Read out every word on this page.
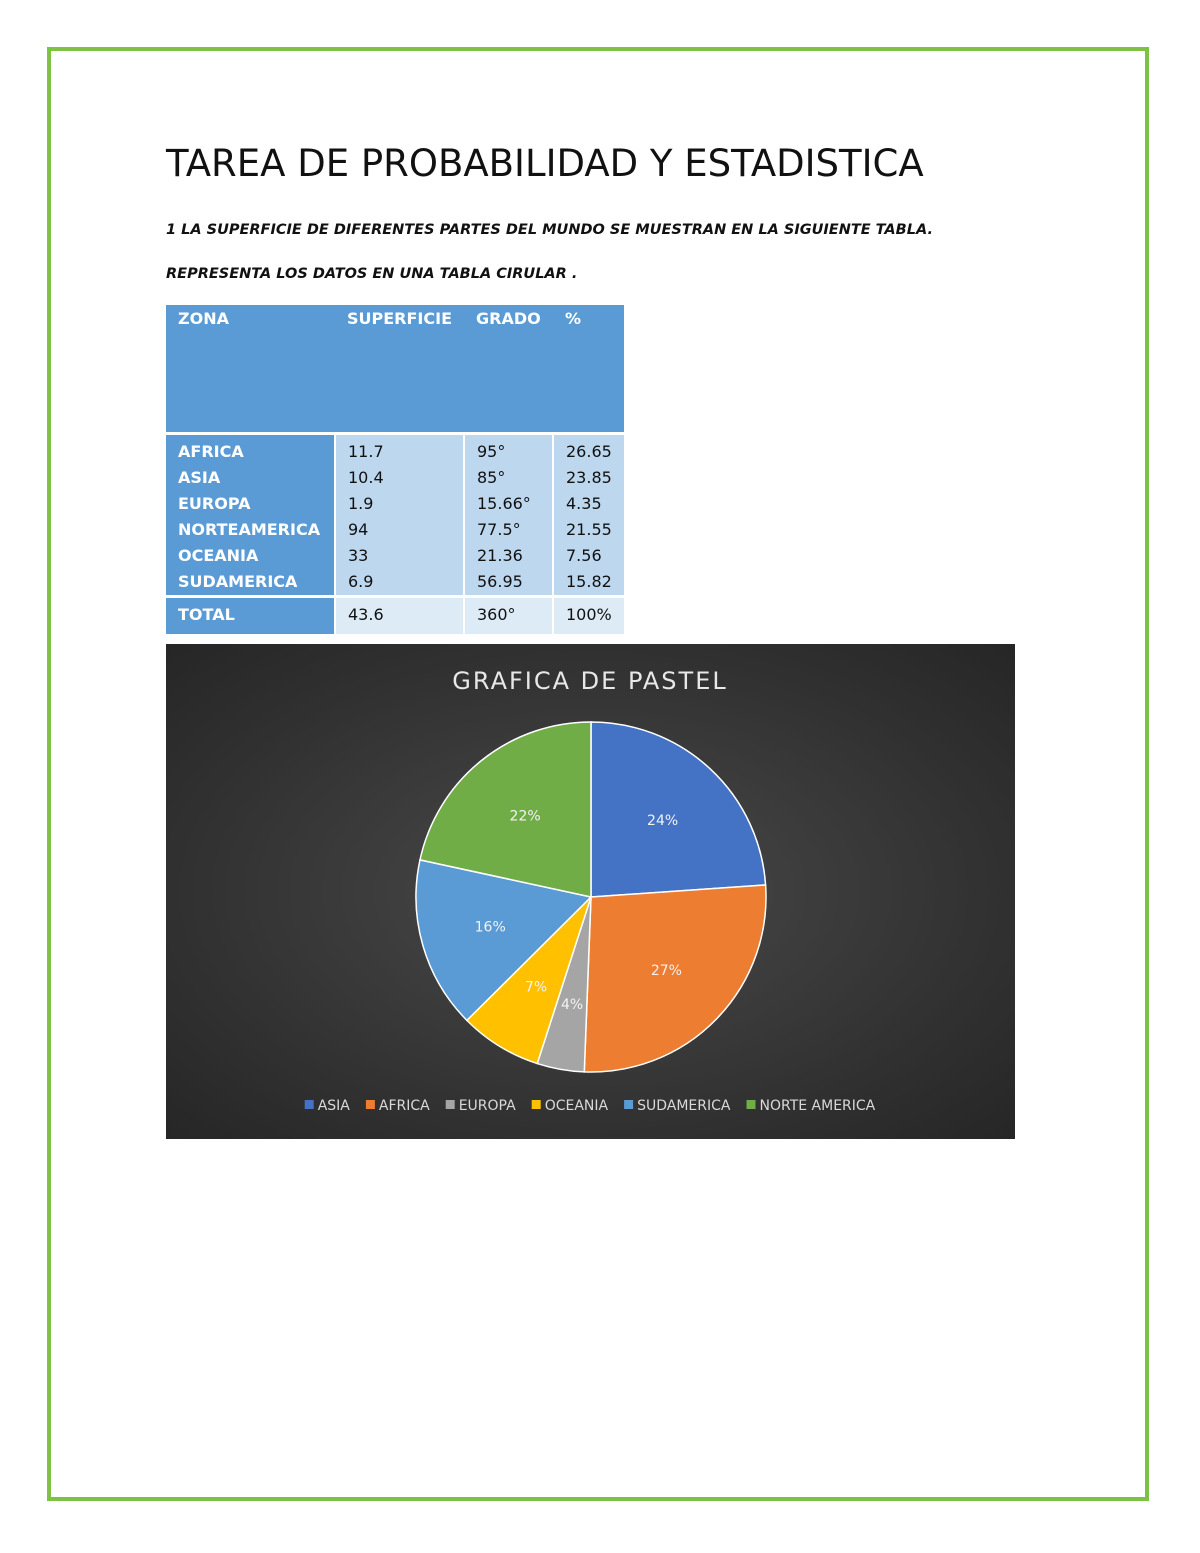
TAREA DE PROBABILIDAD Y ESTADISTICA

1 LA SUPERFICIE DE DIFERENTES PARTES DEL MUNDO SE MUESTRAN EN LA SIGUIENTE TABLA.

REPRESENTA LOS DATOS EN UNA TABLA CIRULAR .

ZONA	SUPERFICIE	GRADO	%
AFRICA	11.7	95°	26.65
ASIA	10.4	85°	23.85
EUROPA	1.9	15.66°	4.35
NORTEAMERICA	94	77.5°	21.55
OCEANIA	33	21.36	7.56
SUDAMERICA	6.9	56.95	15.82
TOTAL	43.6	360°	100%
GRAFICA DE PASTEL
24%
27%
4%
7%
16%
22%
ASIA AFRICA EUROPA OCEANIA SUDAMERICA NORTE AMERICA
